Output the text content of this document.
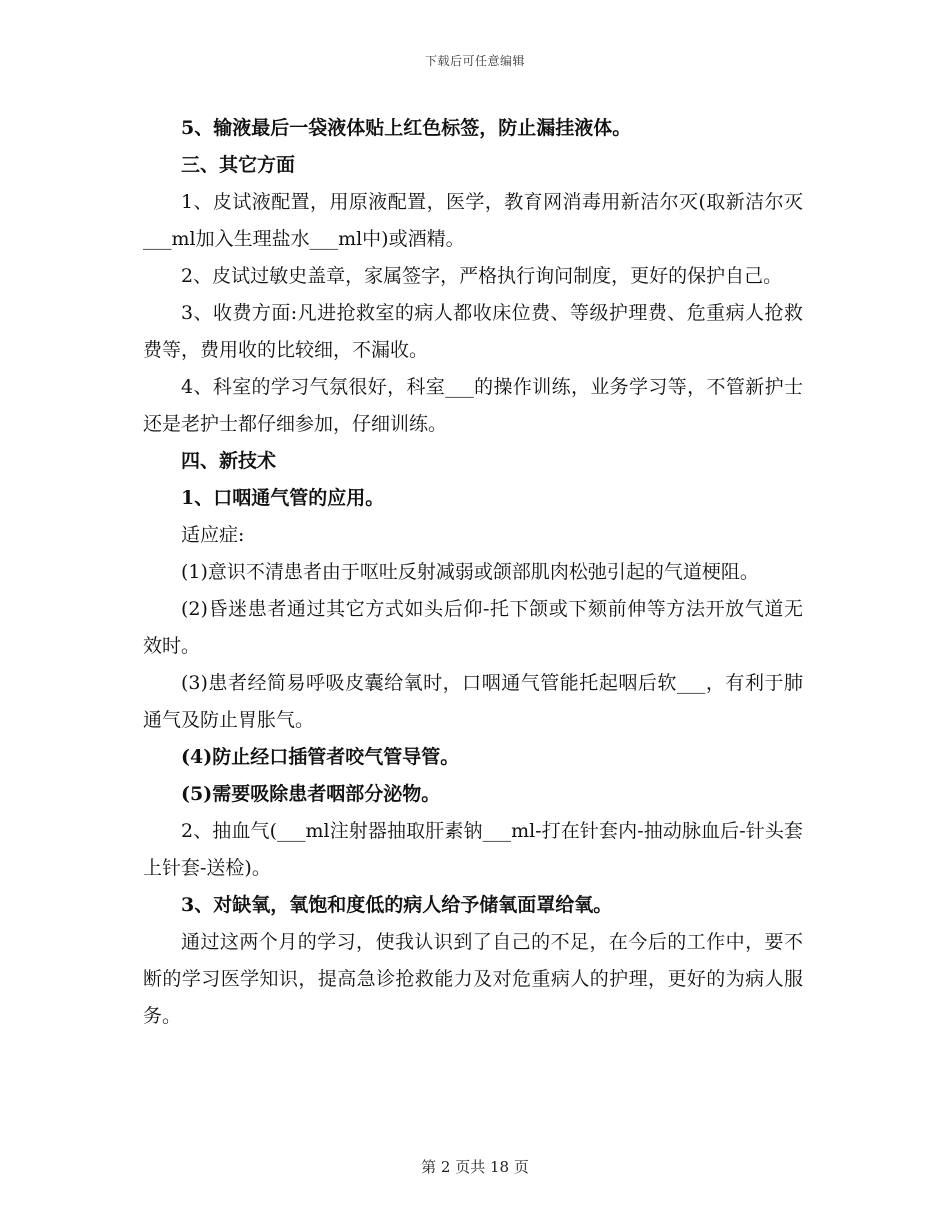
下载后可任意编辑

5、输液最后一袋液体贴上红色标签，防止漏挂液体。

三、其它方面

1、皮试液配置，用原液配置，医学，教育网消毒用新洁尔灭(取新洁尔灭___ml加入生理盐水___ml中)或酒精。

2、皮试过敏史盖章，家属签字，严格执行询问制度，更好的保护自己。

3、收费方面:凡进抢救室的病人都收床位费、等级护理费、危重病人抢救费等，费用收的比较细，不漏收。

4、科室的学习气氛很好，科室___的操作训练，业务学习等，不管新护士还是老护士都仔细参加，仔细训练。

四、新技术

1、口咽通气管的应用。

适应症:

(1)意识不清患者由于呕吐反射减弱或颌部肌肉松弛引起的气道梗阻。

(2)昏迷患者通过其它方式如头后仰-托下颌或下颏前伸等方法开放气道无效时。

(3)患者经简易呼吸皮囊给氧时，口咽通气管能托起咽后软___，有利于肺通气及防止胃胀气。

(4)防止经口插管者咬气管导管。

(5)需要吸除患者咽部分泌物。

2、抽血气(___ml注射器抽取肝素钠___ml-打在针套内-抽动脉血后-针头套上针套-送检)。

3、对缺氧，氧饱和度低的病人给予储氧面罩给氧。

通过这两个月的学习，使我认识到了自己的不足，在今后的工作中，要不断的学习医学知识，提高急诊抢救能力及对危重病人的护理，更好的为病人服务。

第 2 页共 18 页
